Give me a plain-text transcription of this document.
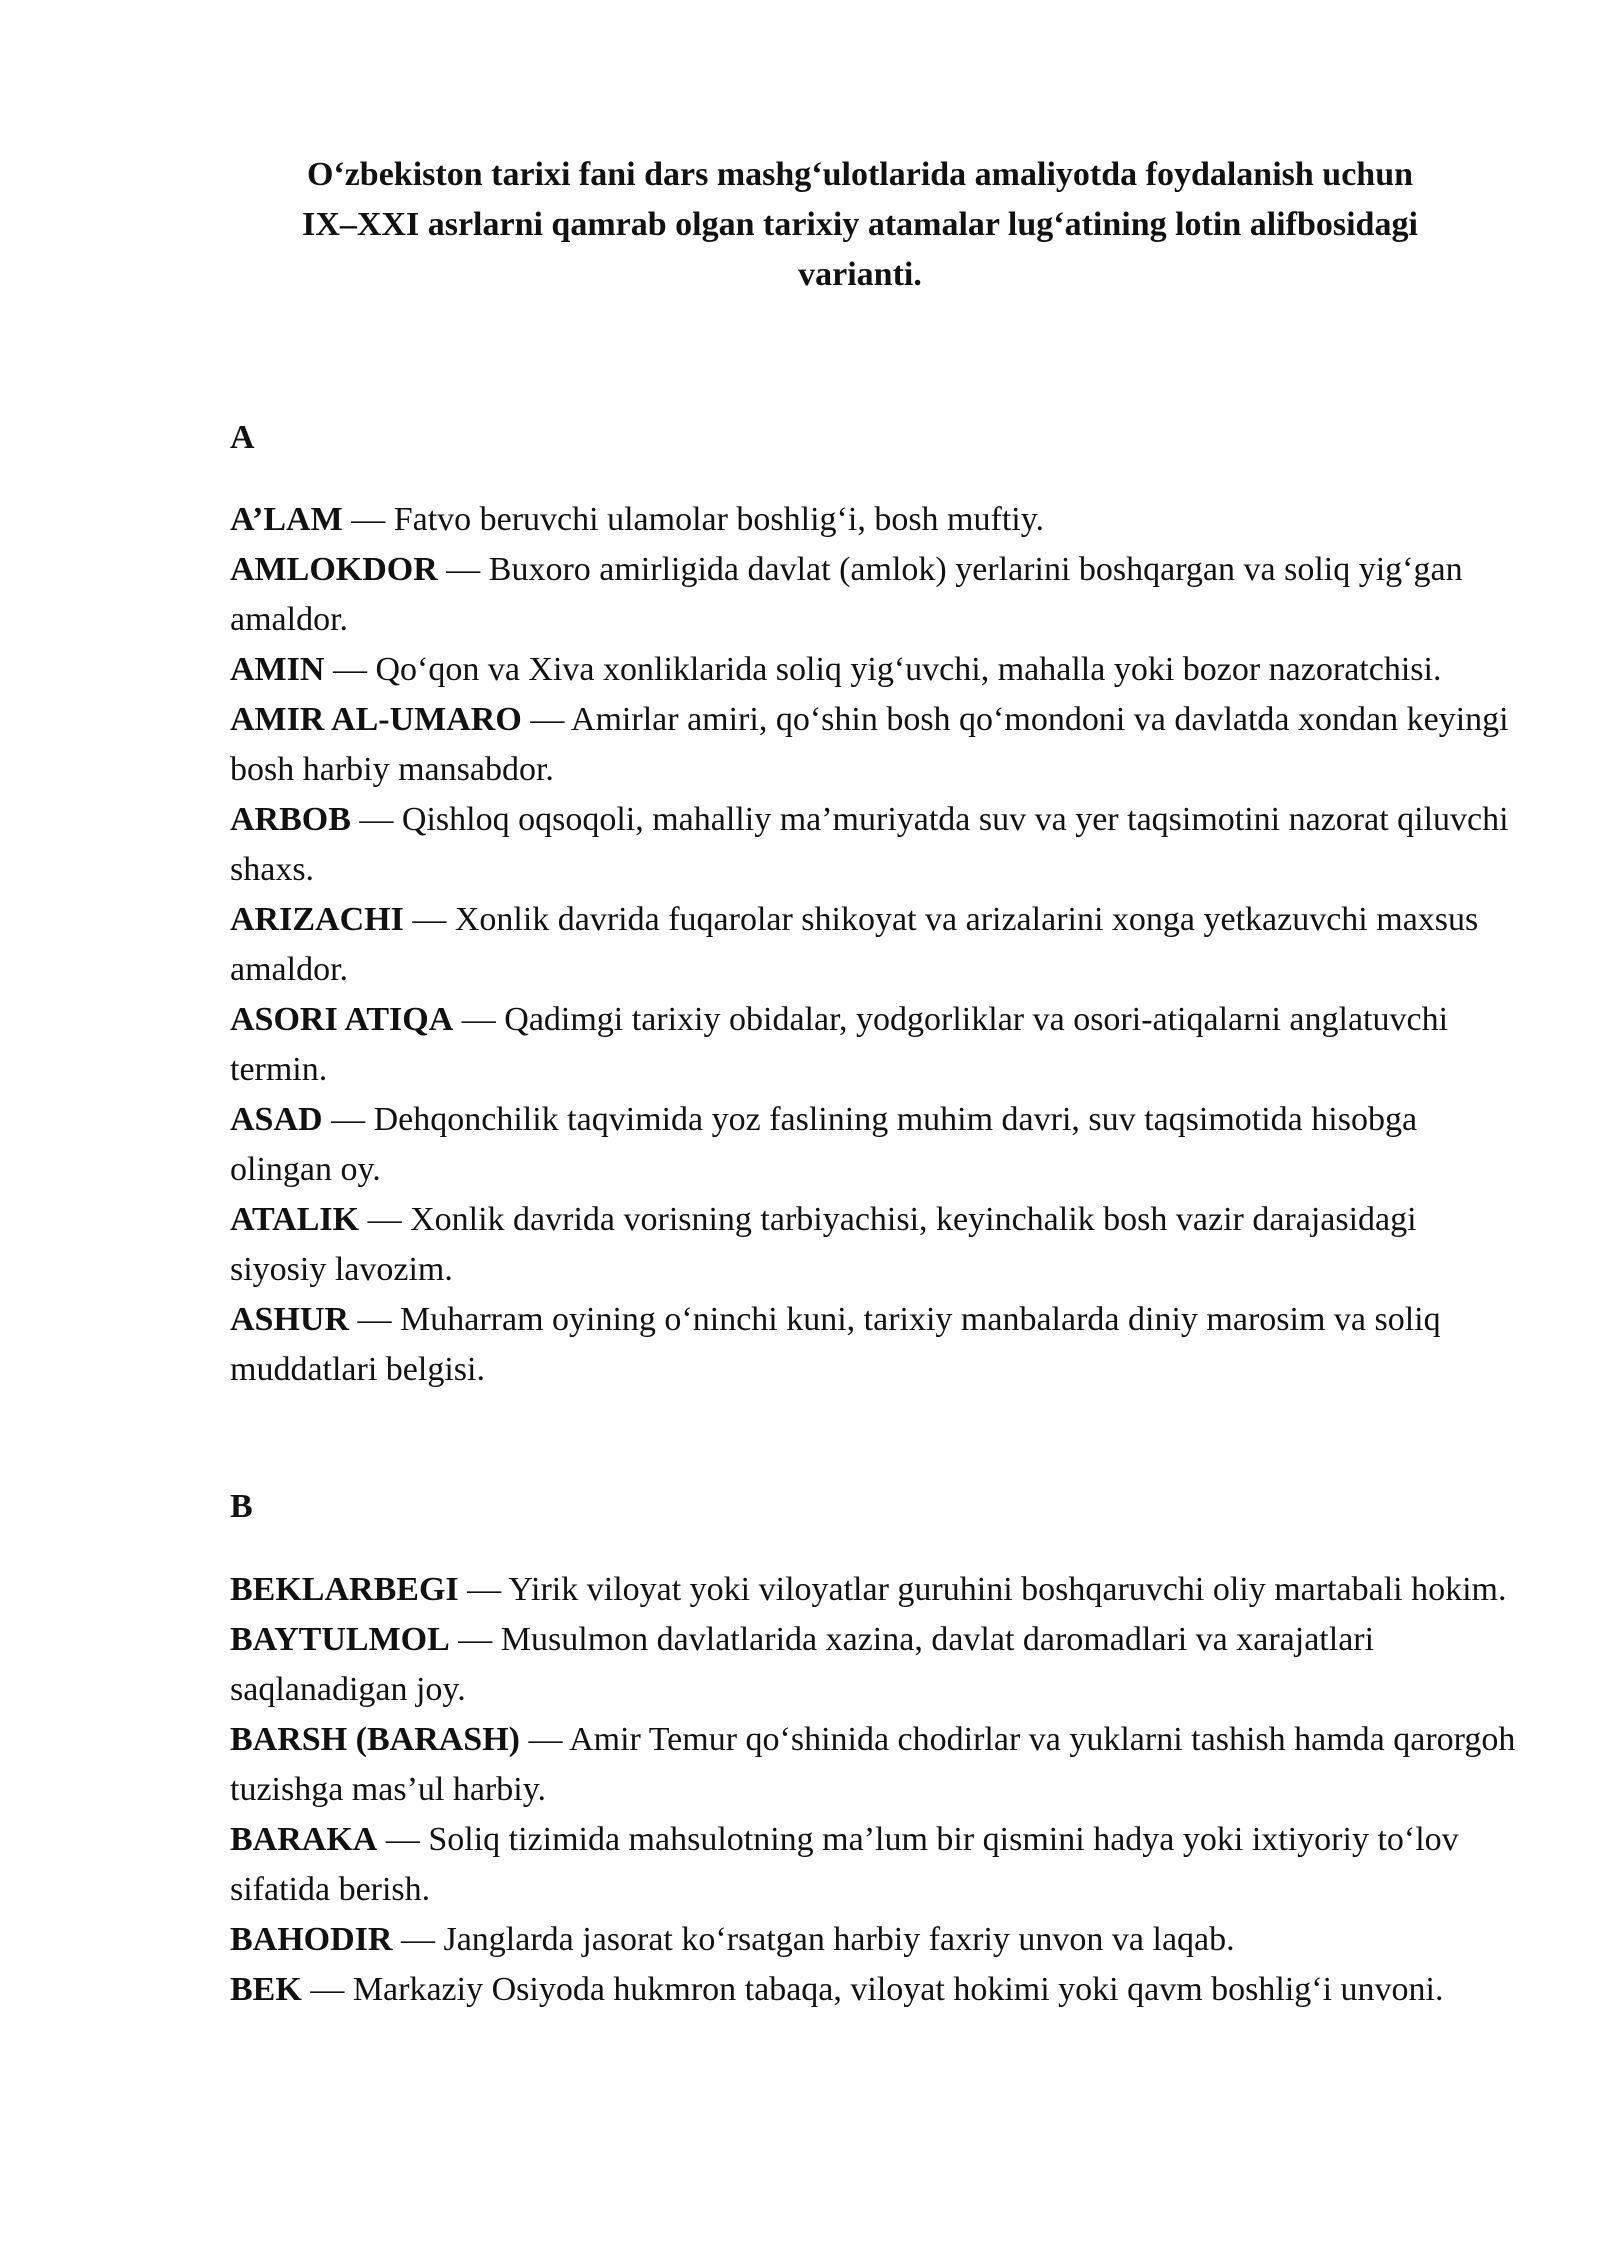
O‘zbekiston tarixi fani dars mashg‘ulotlarida amaliyotda foydalanish uchun
IX–XXI asrlarni qamrab olgan tarixiy atamalar lug‘atining lotin alifbosidagi
varianti.
A
A’LAM — Fatvo beruvchi ulamolar boshlig‘i, bosh muftiy.
AMLOKDOR — Buxoro amirligida davlat (amlok) yerlarini boshqargan va soliq yig‘gan amaldor.
AMIN — Qo‘qon va Xiva xonliklarida soliq yig‘uvchi, mahalla yoki bozor nazoratchisi.
AMIR AL-UMARO — Amirlar amiri, qo‘shin bosh qo‘mondoni va davlatda xondan keyingi bosh harbiy mansabdor.
ARBOB — Qishloq oqsoqoli, mahalliy ma’muriyatda suv va yer taqsimotini nazorat qiluvchi shaxs.
ARIZACHI — Xonlik davrida fuqarolar shikoyat va arizalarini xonga yetkazuvchi maxsus amaldor.
ASORI ATIQA — Qadimgi tarixiy obidalar, yodgorliklar va osori-atiqalarni anglatuvchi termin.
ASAD — Dehqonchilik taqvimida yoz faslining muhim davri, suv taqsimotida hisobga olingan oy.
ATALIK — Xonlik davrida vorisning tarbiyachisi, keyinchalik bosh vazir darajasidagi siyosiy lavozim.
ASHUR — Muharram oyining o‘ninchi kuni, tarixiy manbalarda diniy marosim va soliq muddatlari belgisi.
B
BEKLARBEGI — Yirik viloyat yoki viloyatlar guruhini boshqaruvchi oliy martabali hokim.
BAYTULMOL — Musulmon davlatlarida xazina, davlat daromadlari va xarajatlari saqlanadigan joy.
BARSH (BARASH) — Amir Temur qo‘shinida chodirlar va yuklarni tashish hamda qarorgoh tuzishga mas’ul harbiy.
BARAKA — Soliq tizimida mahsulotning ma’lum bir qismini hadya yoki ixtiyoriy to‘lov sifatida berish.
BAHODIR — Janglarda jasorat ko‘rsatgan harbiy faxriy unvon va laqab.
BEK — Markaziy Osiyoda hukmron tabaqa, viloyat hokimi yoki qavm boshlig‘i unvoni.
